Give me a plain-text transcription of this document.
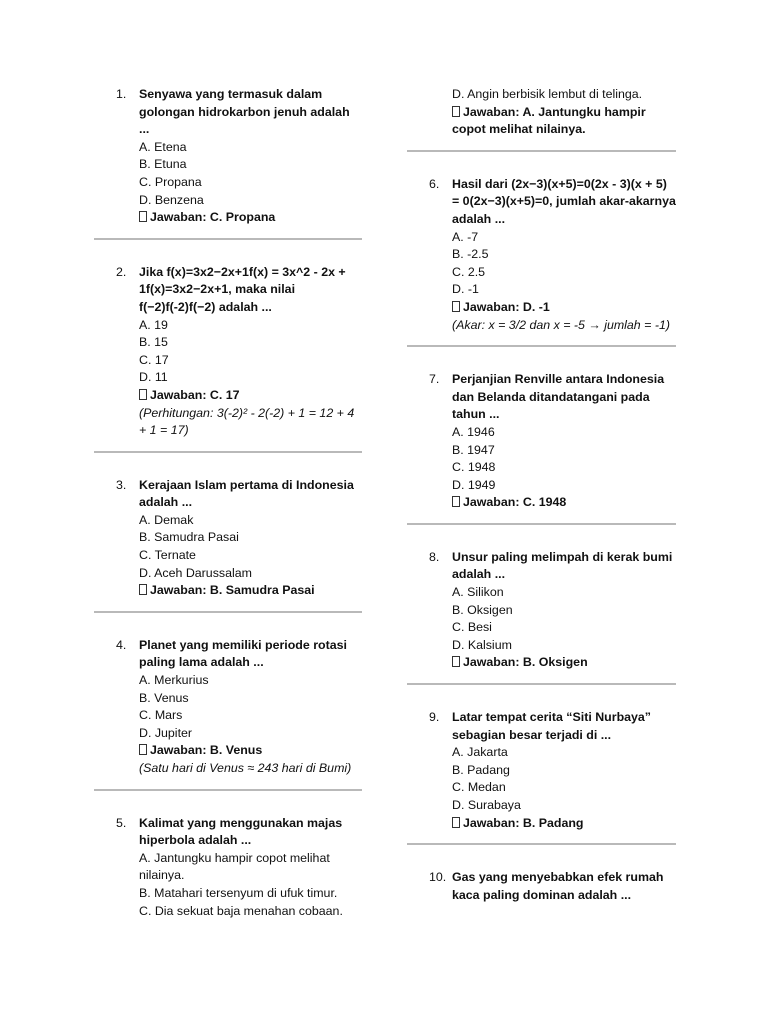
1. Senyawa yang termasuk dalam golongan hidrokarbon jenuh adalah ...
A. Etena
B. Etuna
C. Propana
D. Benzena
Jawaban: C. Propana
2. Jika f(x)=3x2−2x+1f(x) = 3x^2 - 2x + 1f(x)=3x2−2x+1, maka nilai f(−2)f(-2)f(−2) adalah ...
A. 19
B. 15
C. 17
D. 11
Jawaban: C. 17
(Perhitungan: 3(-2)² - 2(-2) + 1 = 12 + 4 + 1 = 17)
3. Kerajaan Islam pertama di Indonesia adalah ...
A. Demak
B. Samudra Pasai
C. Ternate
D. Aceh Darussalam
Jawaban: B. Samudra Pasai
4. Planet yang memiliki periode rotasi paling lama adalah ...
A. Merkurius
B. Venus
C. Mars
D. Jupiter
Jawaban: B. Venus
(Satu hari di Venus ≈ 243 hari di Bumi)
5. Kalimat yang menggunakan majas hiperbola adalah ...
A. Jantungku hampir copot melihat nilainya.
B. Matahari tersenyum di ufuk timur.
C. Dia sekuat baja menahan cobaan.
D. Angin berbisik lembut di telinga.
Jawaban: A. Jantungku hampir copot melihat nilainya.
6. Hasil dari (2x−3)(x+5)=0(2x - 3)(x + 5) = 0(2x−3)(x+5)=0, jumlah akar-akarnya adalah ...
A. -7
B. -2.5
C. 2.5
D. -1
Jawaban: D. -1
(Akar: x = 3/2 dan x = -5 → jumlah = -1)
7. Perjanjian Renville antara Indonesia dan Belanda ditandatangani pada tahun ...
A. 1946
B. 1947
C. 1948
D. 1949
Jawaban: C. 1948
8. Unsur paling melimpah di kerak bumi adalah ...
A. Silikon
B. Oksigen
C. Besi
D. Kalsium
Jawaban: B. Oksigen
9. Latar tempat cerita “Siti Nurbaya” sebagian besar terjadi di ...
A. Jakarta
B. Padang
C. Medan
D. Surabaya
Jawaban: B. Padang
10. Gas yang menyebabkan efek rumah kaca paling dominan adalah ...
